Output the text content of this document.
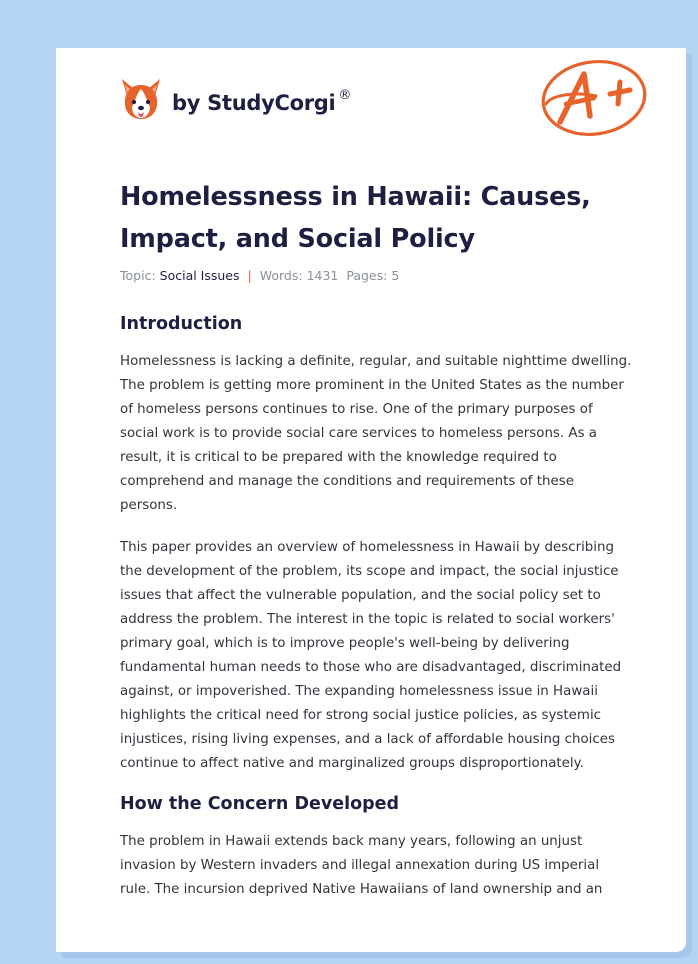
by StudyCorgi ®
Homelessness in Hawaii: Causes, Impact, and Social Policy
Topic: Social Issues | Words: 1431 Pages: 5
Introduction

Homelessness is lacking a definite, regular, and suitable nighttime dwelling. The problem is getting more prominent in the United States as the number of homeless persons continues to rise. One of the primary purposes of social work is to provide social care services to homeless persons. As a result, it is critical to be prepared with the knowledge required to comprehend and manage the conditions and requirements of these persons.

This paper provides an overview of homelessness in Hawaii by describing the development of the problem, its scope and impact, the social injustice issues that affect the vulnerable population, and the social policy set to address the problem. The interest in the topic is related to social workers' primary goal, which is to improve people's well-being by delivering fundamental human needs to those who are disadvantaged, discriminated against, or impoverished. The expanding homelessness issue in Hawaii highlights the critical need for strong social justice policies, as systemic injustices, rising living expenses, and a lack of affordable housing choices continue to affect native and marginalized groups disproportionately.

How the Concern Developed

The problem in Hawaii extends back many years, following an unjust invasion by Western invaders and illegal annexation during US imperial rule. The incursion deprived Native Hawaiians of land ownership and an
